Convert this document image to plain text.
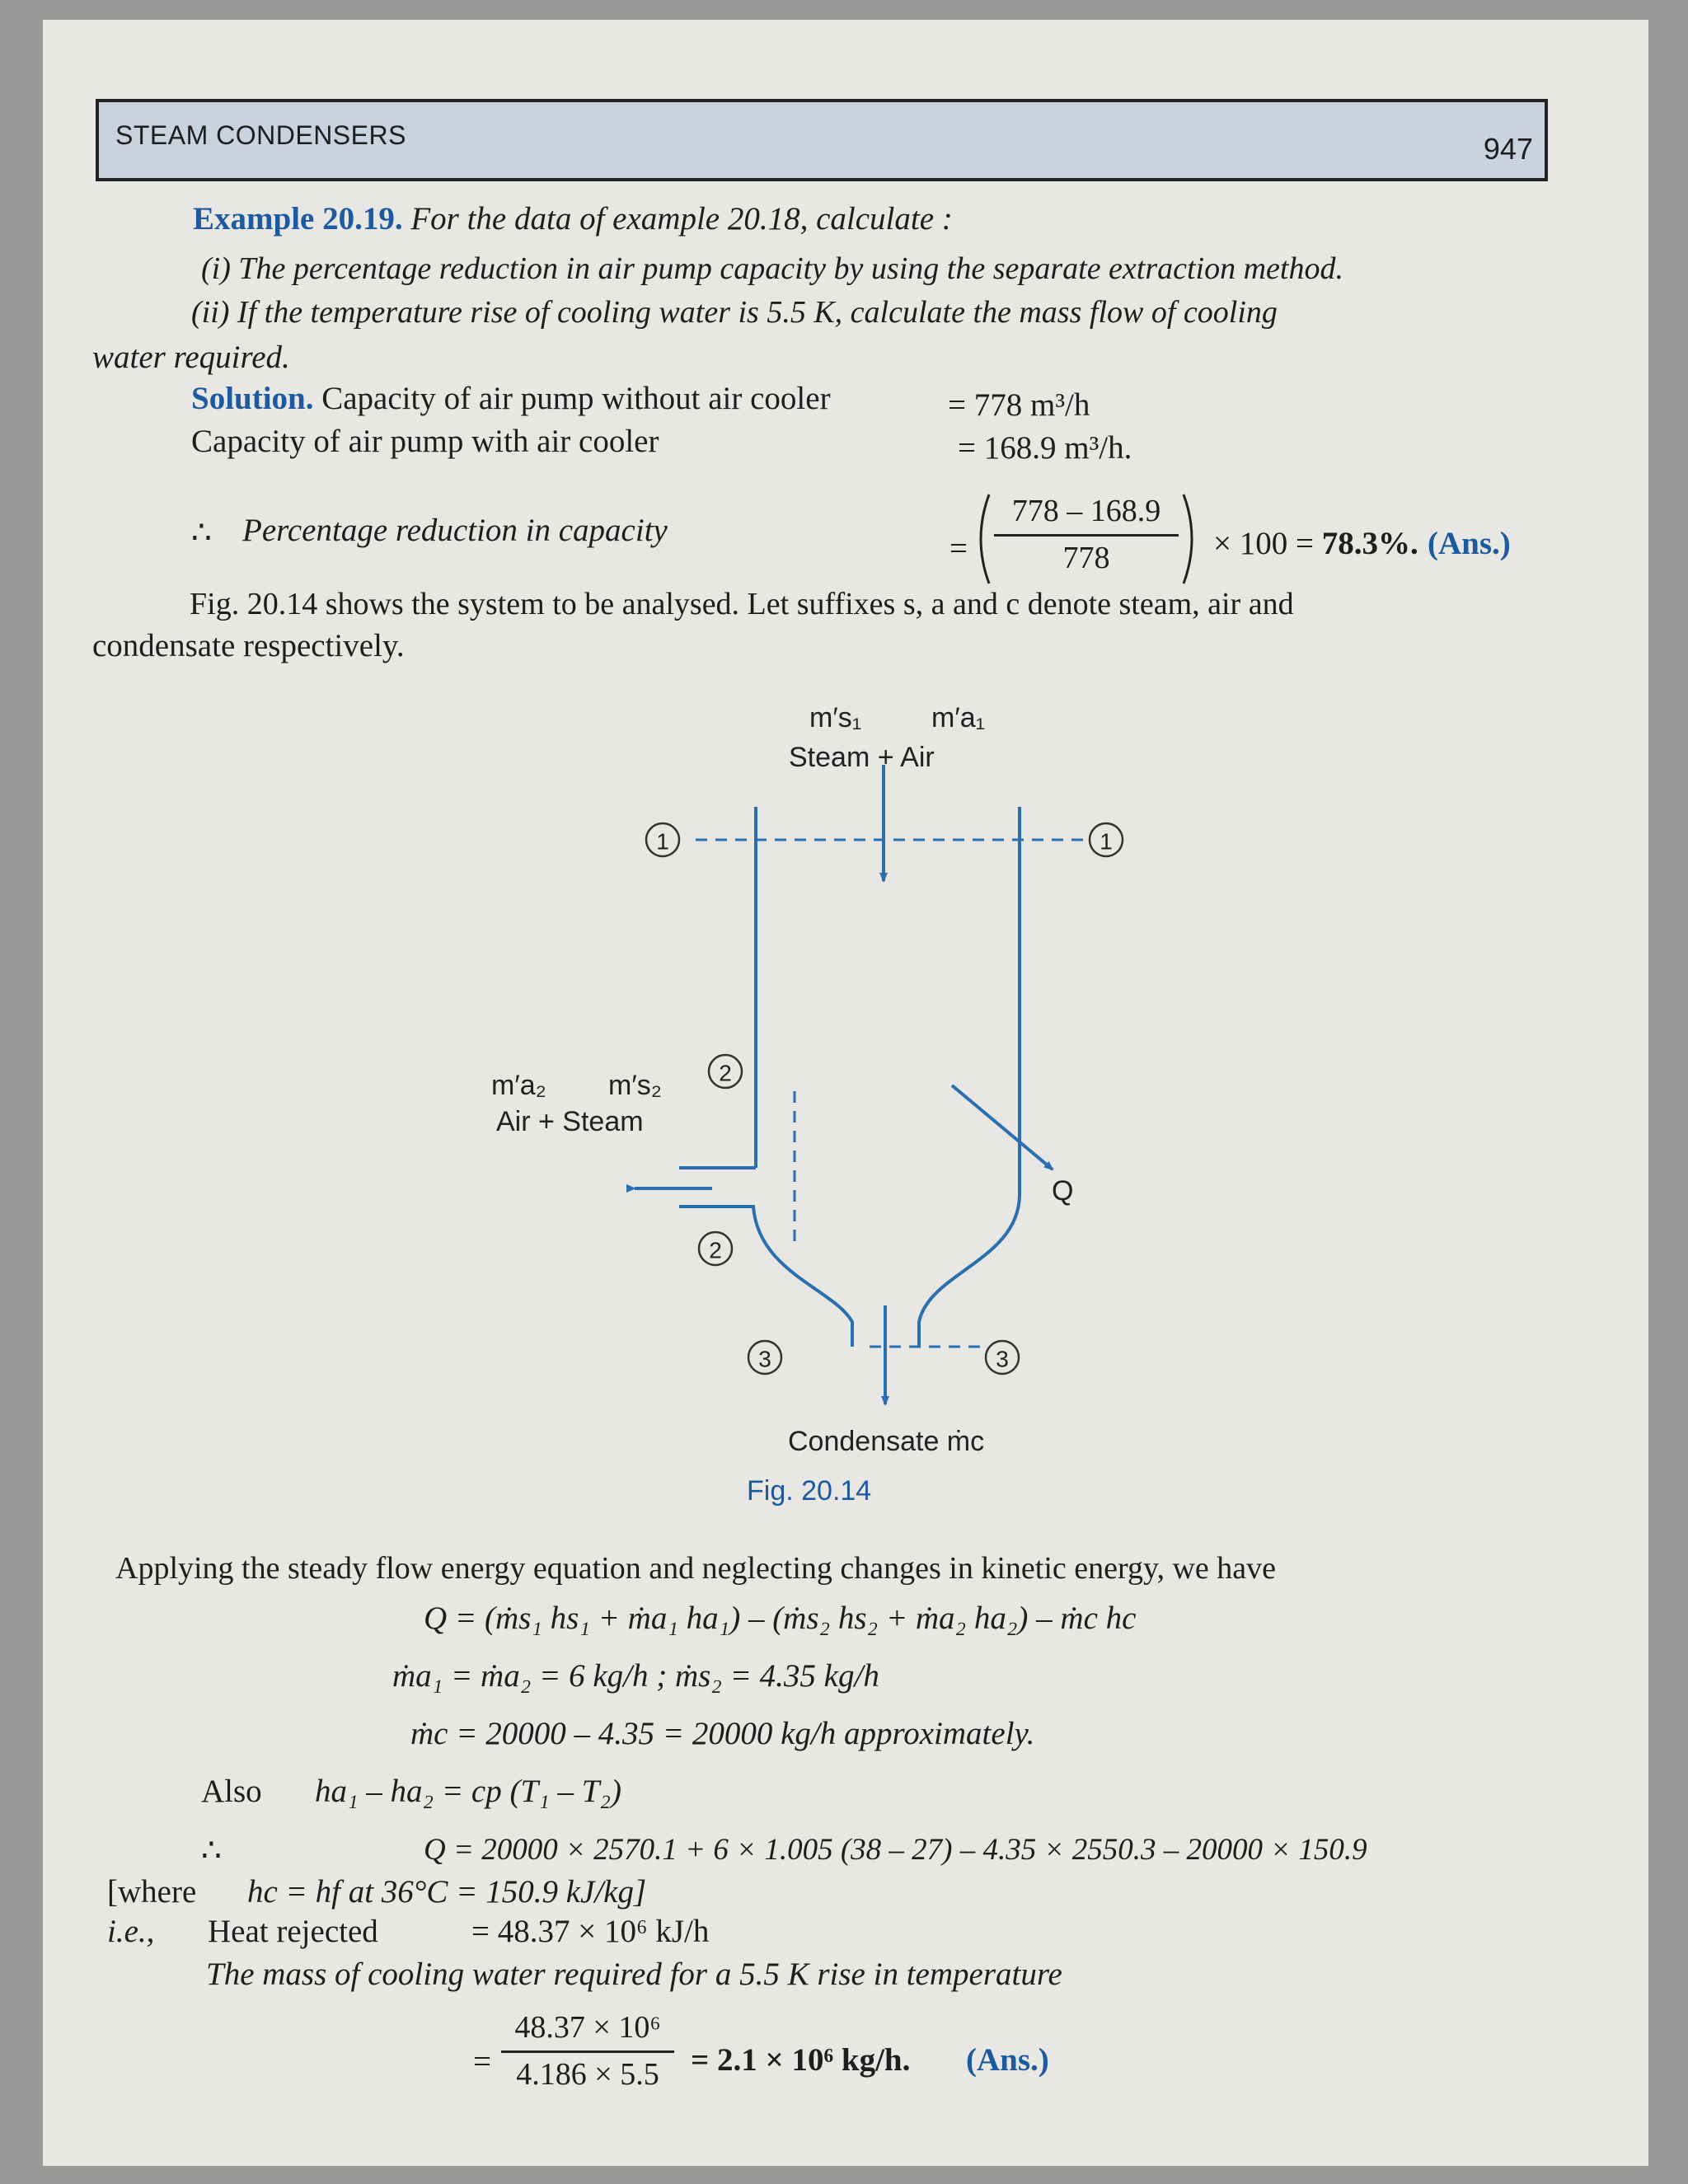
STEAM CONDENSERS	947
Example 20.19. For the data of example 20.18, calculate :
(i) The percentage reduction in air pump capacity by using the separate extraction method.
(ii) If the temperature rise of cooling water is 5.5 K, calculate the mass flow of cooling
water required.
Solution. Capacity of air pump without air cooler	= 778 m³/h
Capacity of air pump with air cooler	= 168.9 m³/h.
∴ Percentage reduction in capacity
=
778 – 168.9
778	× 100 = 78.3%. (Ans.)
Fig. 20.14 shows the system to be analysed. Let suffixes s, a and c denote steam, air and
condensate respectively.
1	1
2
2
3	3
m′s₁ m′a₁
Steam + Air
m′a₂ m′s₂
Air + Steam
Q
Condensate ṁc
Fig. 20.14
Applying the steady flow energy equation and neglecting changes in kinetic energy, we have
Q = (ṁs₁ hs₁ + ṁa₁ ha₁) – (ṁs₂ hs₂ + ṁa₂ ha₂) – ṁc hc
ṁa₁ = ṁa₂ = 6 kg/h ; ṁs₂ = 4.35 kg/h
ṁc = 20000 – 4.35 = 20000 kg/h approximately.
Also ha₁ – ha₂ = cp (T₁ – T₂)
∴	Q = 20000 × 2570.1 + 6 × 1.005 (38 – 27) – 4.35 × 2550.3 – 20000 × 150.9
[where hc = hf at 36°C = 150.9 kJ/kg]
i.e., Heat rejected	= 48.37 × 10⁶ kJ/h
The mass of cooling water required for a 5.5 K rise in temperature
=
48.37 × 10⁶
4.186 × 5.5 = 2.1 × 10⁶ kg/h. (Ans.)
